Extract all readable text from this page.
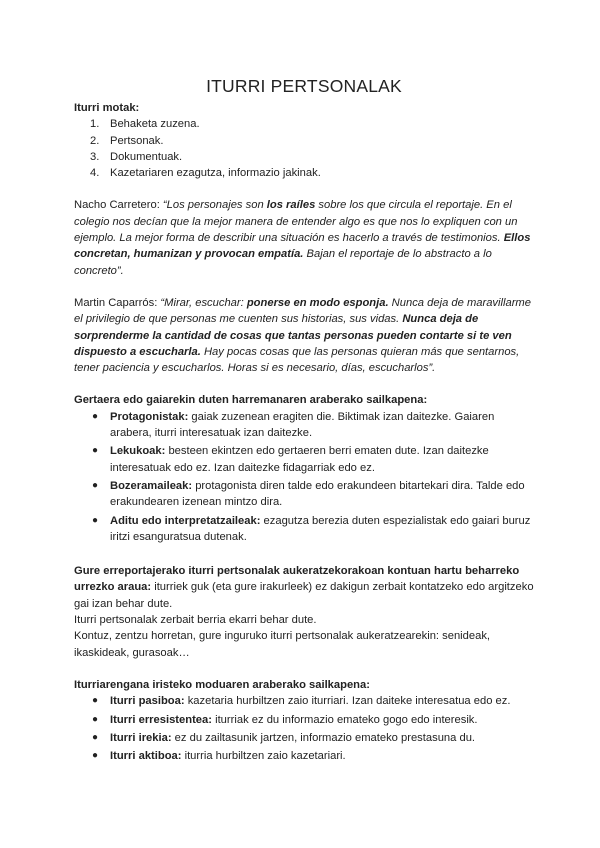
ITURRI PERTSONALAK

Iturri motak:

1. Behaketa zuzena.
2. Pertsonak.
3. Dokumentuak.
4. Kazetariaren ezagutza, informazio jakinak.

Nacho Carretero: “Los personajes son los raíles sobre los que circula el reportaje. En el colegio nos decían que la mejor manera de entender algo es que nos lo expliquen con un ejemplo. La mejor forma de describir una situación es hacerlo a través de testimonios. Ellos concretan, humanizan y provocan empatía. Bajan el reportaje de lo abstracto a lo concreto”.

Martin Caparrós: “Mirar, escuchar: ponerse en modo esponja. Nunca deja de maravillarme el privilegio de que personas me cuenten sus historias, sus vidas. Nunca deja de sorprenderme la cantidad de cosas que tantas personas pueden contarte si te ven dispuesto a escucharla. Hay pocas cosas que las personas quieran más que sentarnos, tener paciencia y escucharlos. Horas si es necesario, días, escucharlos”.

Gertaera edo gaiarekin duten harremanaren araberako sailkapena:

● Protagonistak: gaiak zuzenean eragiten die. Biktimak izan daitezke. Gaiaren arabera, iturri interesatuak izan daitezke.
● Lekukoak: besteen ekintzen edo gertaeren berri ematen dute. Izan daitezke interesatuak edo ez. Izan daitezke fidagarriak edo ez.
● Bozeramaileak: protagonista diren talde edo erakundeen bitartekari dira. Talde edo erakundearen izenean mintzo dira.
● Aditu edo interpretatzaileak: ezagutza berezia duten espezialistak edo gaiari buruz iritzi esanguratsua dutenak.

Gure erreportajerako iturri pertsonalak aukeratzekorakoan kontuan hartu beharreko urrezko araua: iturriek guk (eta gure irakurleek) ez dakigun zerbait kontatzeko edo argitzeko gai izan behar dute.

Iturri pertsonalak zerbait berria ekarri behar dute.

Kontuz, zentzu horretan, gure inguruko iturri pertsonalak aukeratzearekin: senideak, ikaskideak, gurasoak…

Iturriarengana iristeko moduaren araberako sailkapena:

● Iturri pasiboa: kazetaria hurbiltzen zaio iturriari. Izan daiteke interesatua edo ez.
● Iturri erresistentea: iturriak ez du informazio emateko gogo edo interesik.
● Iturri irekia: ez du zailtasunik jartzen, informazio emateko prestasuna du.
● Iturri aktiboa: iturria hurbiltzen zaio kazetariari.
